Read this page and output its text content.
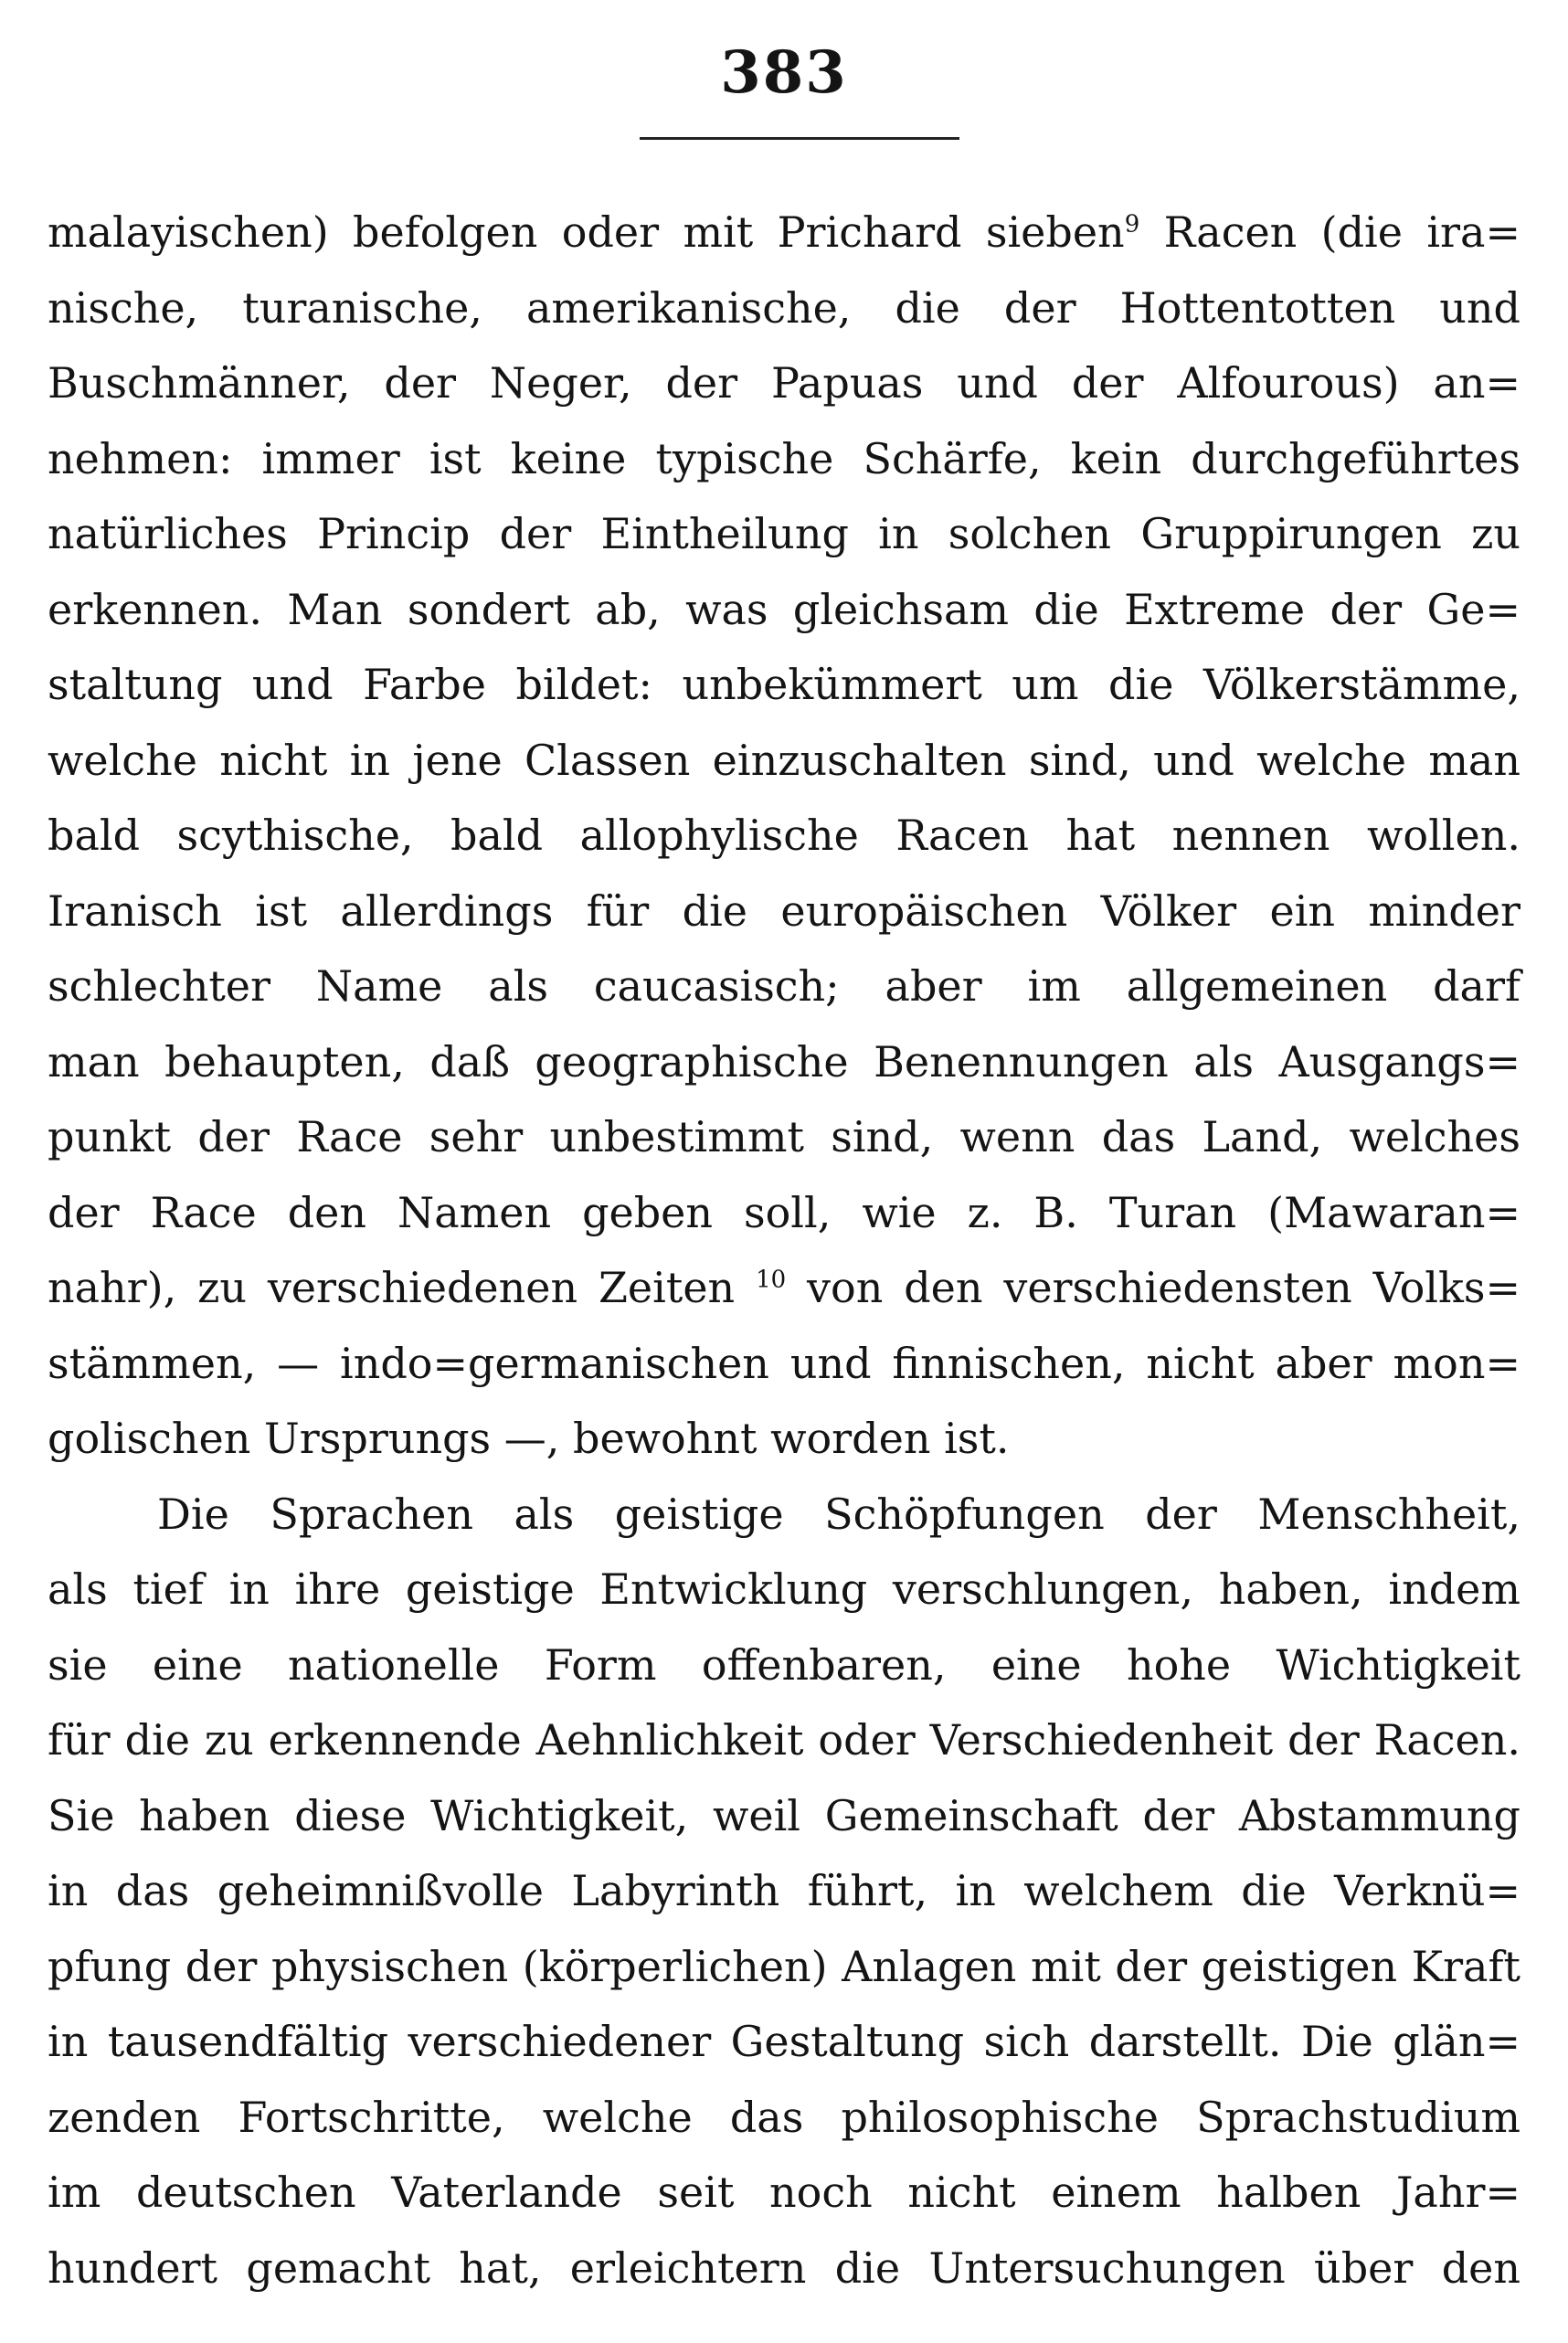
383
malayischen) befolgen oder mit Prichard sieben$^9$ Racen (die ira=
nische, turanische, amerikanische, die der Hottentotten und
Buschmänner, der Neger, der Papuas und der Alfourous) an=
nehmen: immer ist keine typische Schärfe, kein durchgeführtes
natürliches Princip der Eintheilung in solchen Gruppirungen zu
erkennen. Man sondert ab, was gleichsam die Extreme der Ge=
staltung und Farbe bildet: unbekümmert um die Völkerstämme,
welche nicht in jene Classen einzuschalten sind, und welche man
bald scythische, bald allophylische Racen hat nennen wollen.
Iranisch ist allerdings für die europäischen Völker ein minder
schlechter Name als caucasisch; aber im allgemeinen darf
man behaupten, daß geographische Benennungen als Ausgangs=
punkt der Race sehr unbestimmt sind, wenn das Land, welches
der Race den Namen geben soll, wie z. B. Turan (Mawaran=
nahr), zu verschiedenen Zeiten $^{10}$ von den verschiedensten Volks=
stämmen, — indo=germanischen und finnischen, nicht aber mon=
golischen Ursprungs —, bewohnt worden ist.
Die Sprachen als geistige Schöpfungen der Menschheit,
als tief in ihre geistige Entwicklung verschlungen, haben, indem
sie eine nationelle Form offenbaren, eine hohe Wichtigkeit
für die zu erkennende Aehnlichkeit oder Verschiedenheit der Racen.
Sie haben diese Wichtigkeit, weil Gemeinschaft der Abstammung
in das geheimnißvolle Labyrinth führt, in welchem die Verknü=
pfung der physischen (körperlichen) Anlagen mit der geistigen Kraft
in tausendfältig verschiedener Gestaltung sich darstellt. Die glän=
zenden Fortschritte, welche das philosophische Sprachstudium
im deutschen Vaterlande seit noch nicht einem halben Jahr=
hundert gemacht hat, erleichtern die Untersuchungen über den
